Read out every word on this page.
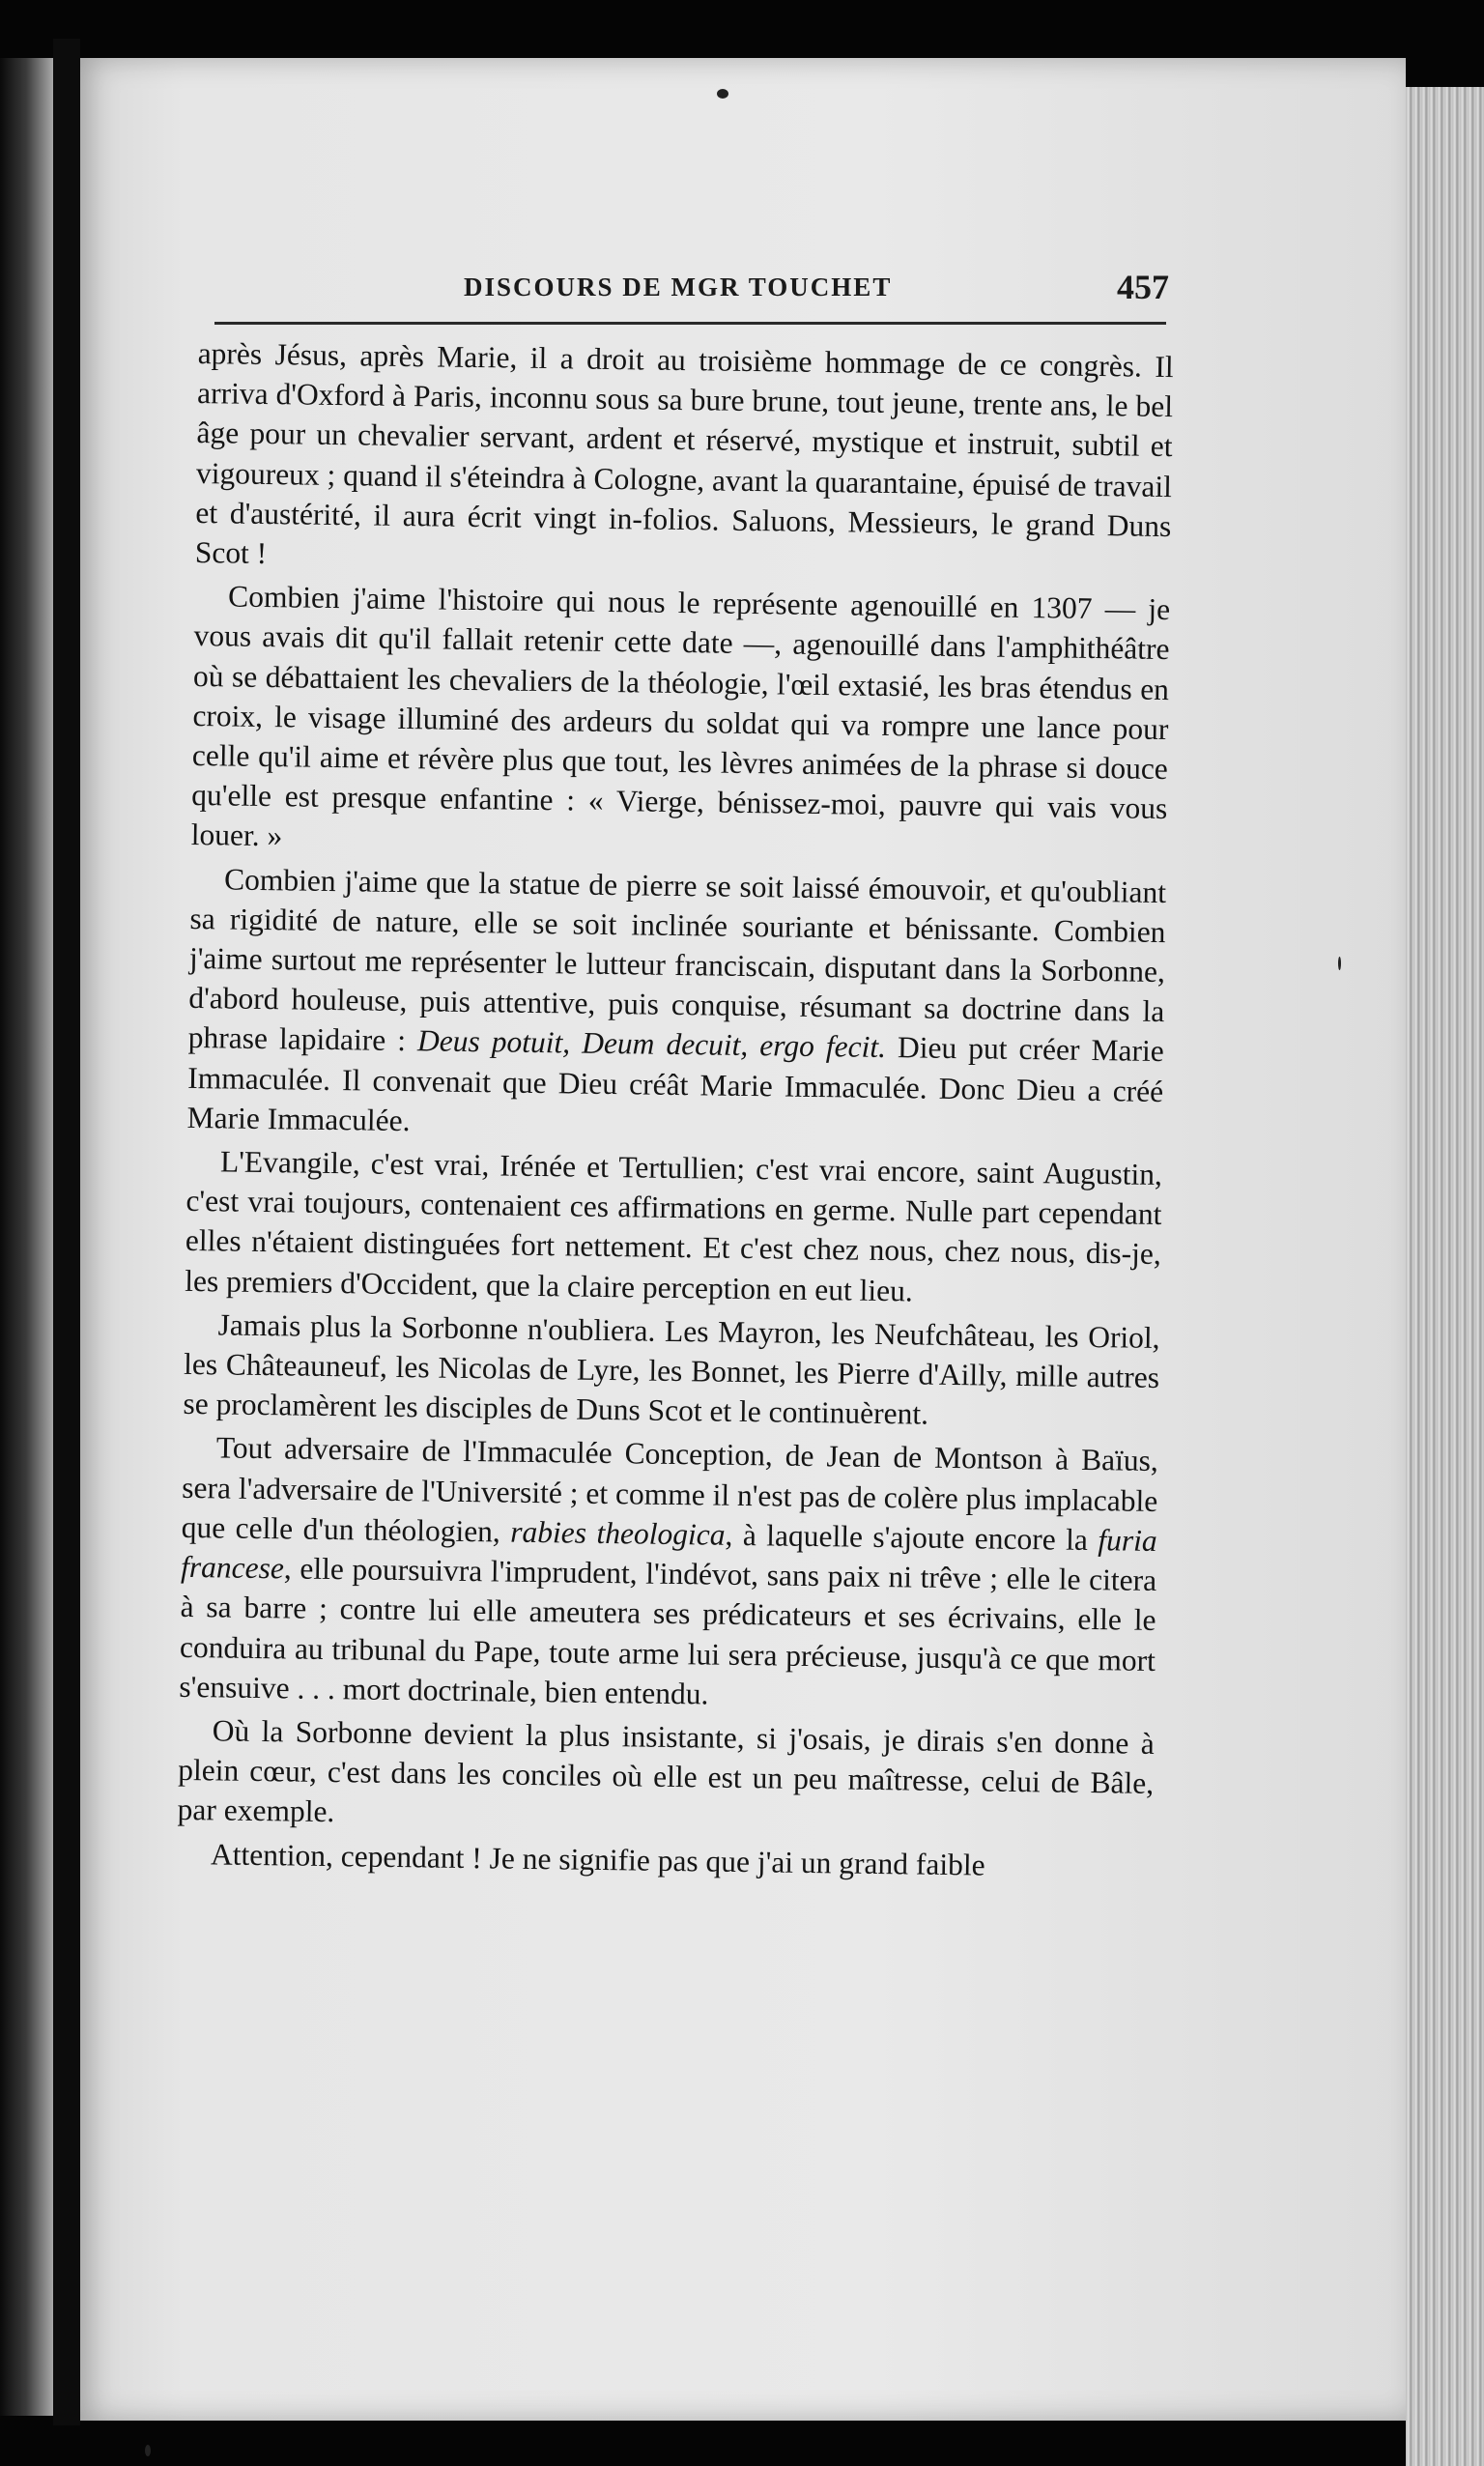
DISCOURS DE MGR TOUCHET	457

après Jésus, après Marie, il a droit au troisième hommage de ce congrès. Il arriva d'Oxford à Paris, inconnu sous sa bure brune, tout jeune, trente ans, le bel âge pour un chevalier servant, ardent et réservé, mystique et instruit, subtil et vigoureux ; quand il s'éteindra à Cologne, avant la quarantaine, épuisé de travail et d'austérité, il aura écrit vingt in-folios. Saluons, Messieurs, le grand Duns Scot !

Combien j'aime l'histoire qui nous le représente agenouillé en 1307 — je vous avais dit qu'il fallait retenir cette date —, agenouillé dans l'amphithéâtre où se débattaient les chevaliers de la théologie, l'œil extasié, les bras étendus en croix, le visage illuminé des ardeurs du soldat qui va rompre une lance pour celle qu'il aime et révère plus que tout, les lèvres animées de la phrase si douce qu'elle est presque enfantine : « Vierge, bénissez-moi, pauvre qui vais vous louer. »

Combien j'aime que la statue de pierre se soit laissé émouvoir, et qu'oubliant sa rigidité de nature, elle se soit inclinée souriante et bénissante. Combien j'aime surtout me représenter le lutteur franciscain, disputant dans la Sorbonne, d'abord houleuse, puis attentive, puis conquise, résumant sa doctrine dans la phrase lapidaire : Deus potuit, Deum decuit, ergo fecit. Dieu put créer Marie Immaculée. Il convenait que Dieu créât Marie Immaculée. Donc Dieu a créé Marie Immaculée.

L'Evangile, c'est vrai, Irénée et Tertullien; c'est vrai encore, saint Augustin, c'est vrai toujours, contenaient ces affirmations en germe. Nulle part cependant elles n'étaient distinguées fort nettement. Et c'est chez nous, chez nous, dis-je, les premiers d'Occident, que la claire perception en eut lieu.

Jamais plus la Sorbonne n'oubliera. Les Mayron, les Neufchâteau, les Oriol, les Châteauneuf, les Nicolas de Lyre, les Bonnet, les Pierre d'Ailly, mille autres se proclamèrent les disciples de Duns Scot et le continuèrent.

Tout adversaire de l'Immaculée Conception, de Jean de Montson à Baïus, sera l'adversaire de l'Université ; et comme il n'est pas de colère plus implacable que celle d'un théologien, rabies theologica, à laquelle s'ajoute encore la furia francese, elle poursuivra l'imprudent, l'indévot, sans paix ni trêve ; elle le citera à sa barre ; contre lui elle ameutera ses prédicateurs et ses écrivains, elle le conduira au tribunal du Pape, toute arme lui sera précieuse, jusqu'à ce que mort s'ensuive . . . mort doctrinale, bien entendu.

Où la Sorbonne devient la plus insistante, si j'osais, je dirais s'en donne à plein cœur, c'est dans les conciles où elle est un peu maîtresse, celui de Bâle, par exemple.

Attention, cependant ! Je ne signifie pas que j'ai un grand faible
